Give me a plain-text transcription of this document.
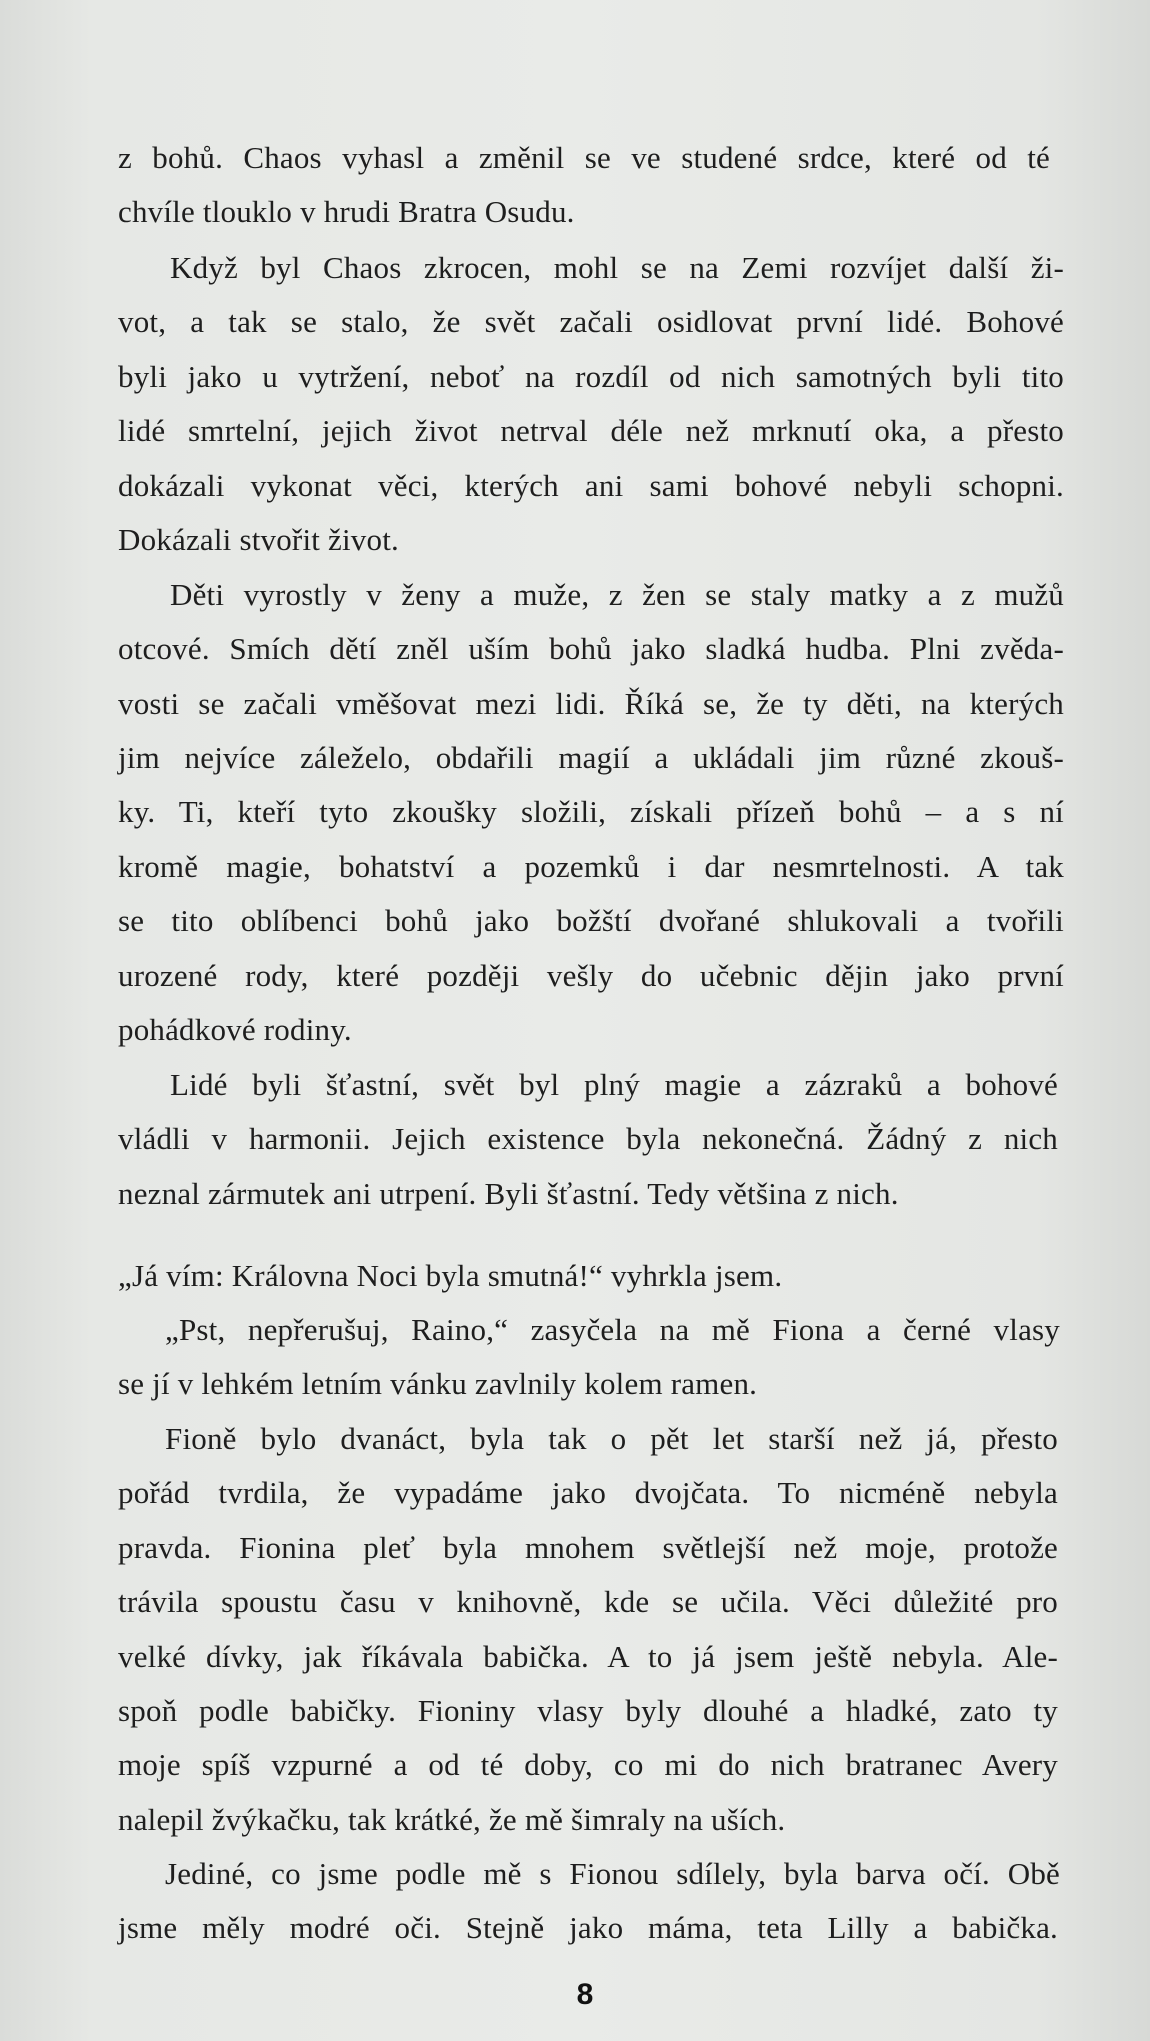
z bohů. Chaos vyhasl a změnil se ve studené srdce, které od té
chvíle tlouklo v hrudi Bratra Osudu.
Když byl Chaos zkrocen, mohl se na Zemi rozvíjet další ži-
vot, a tak se stalo, že svět začali osidlovat první lidé. Bohové
byli jako u vytržení, neboť na rozdíl od nich samotných byli tito
lidé smrtelní, jejich život netrval déle než mrknutí oka, a přesto
dokázali vykonat věci, kterých ani sami bohové nebyli schopni.
Dokázali stvořit život.
Děti vyrostly v ženy a muže, z žen se staly matky a z mužů
otcové. Smích dětí zněl uším bohů jako sladká hudba. Plni zvěda-
vosti se začali vměšovat mezi lidi. Říká se, že ty děti, na kterých
jim nejvíce záleželo, obdařili magií a ukládali jim různé zkouš-
ky. Ti, kteří tyto zkoušky složili, získali přízeň bohů – a s ní
kromě magie, bohatství a pozemků i dar nesmrtelnosti. A tak
se tito oblíbenci bohů jako božští dvořané shlukovali a tvořili
urozené rody, které později vešly do učebnic dějin jako první
pohádkové rodiny.
Lidé byli šťastní, svět byl plný magie a zázraků a bohové
vládli v harmonii. Jejich existence byla nekonečná. Žádný z nich
neznal zármutek ani utrpení. Byli šťastní. Tedy většina z nich.
„Já vím: Královna Noci byla smutná!“ vyhrkla jsem.
„Pst, nepřerušuj, Raino,“ zasyčela na mě Fiona a černé vlasy
se jí v lehkém letním vánku zavlnily kolem ramen.
Fioně bylo dvanáct, byla tak o pět let starší než já, přesto
pořád tvrdila, že vypadáme jako dvojčata. To nicméně nebyla
pravda. Fionina pleť byla mnohem světlejší než moje, protože
trávila spoustu času v knihovně, kde se učila. Věci důležité pro
velké dívky, jak říkávala babička. A to já jsem ještě nebyla. Ale-
spoň podle babičky. Fioniny vlasy byly dlouhé a hladké, zato ty
moje spíš vzpurné a od té doby, co mi do nich bratranec Avery
nalepil žvýkačku, tak krátké, že mě šimraly na uších.
Jediné, co jsme podle mě s Fionou sdílely, byla barva očí. Obě
jsme měly modré oči. Stejně jako máma, teta Lilly a babička.
8
